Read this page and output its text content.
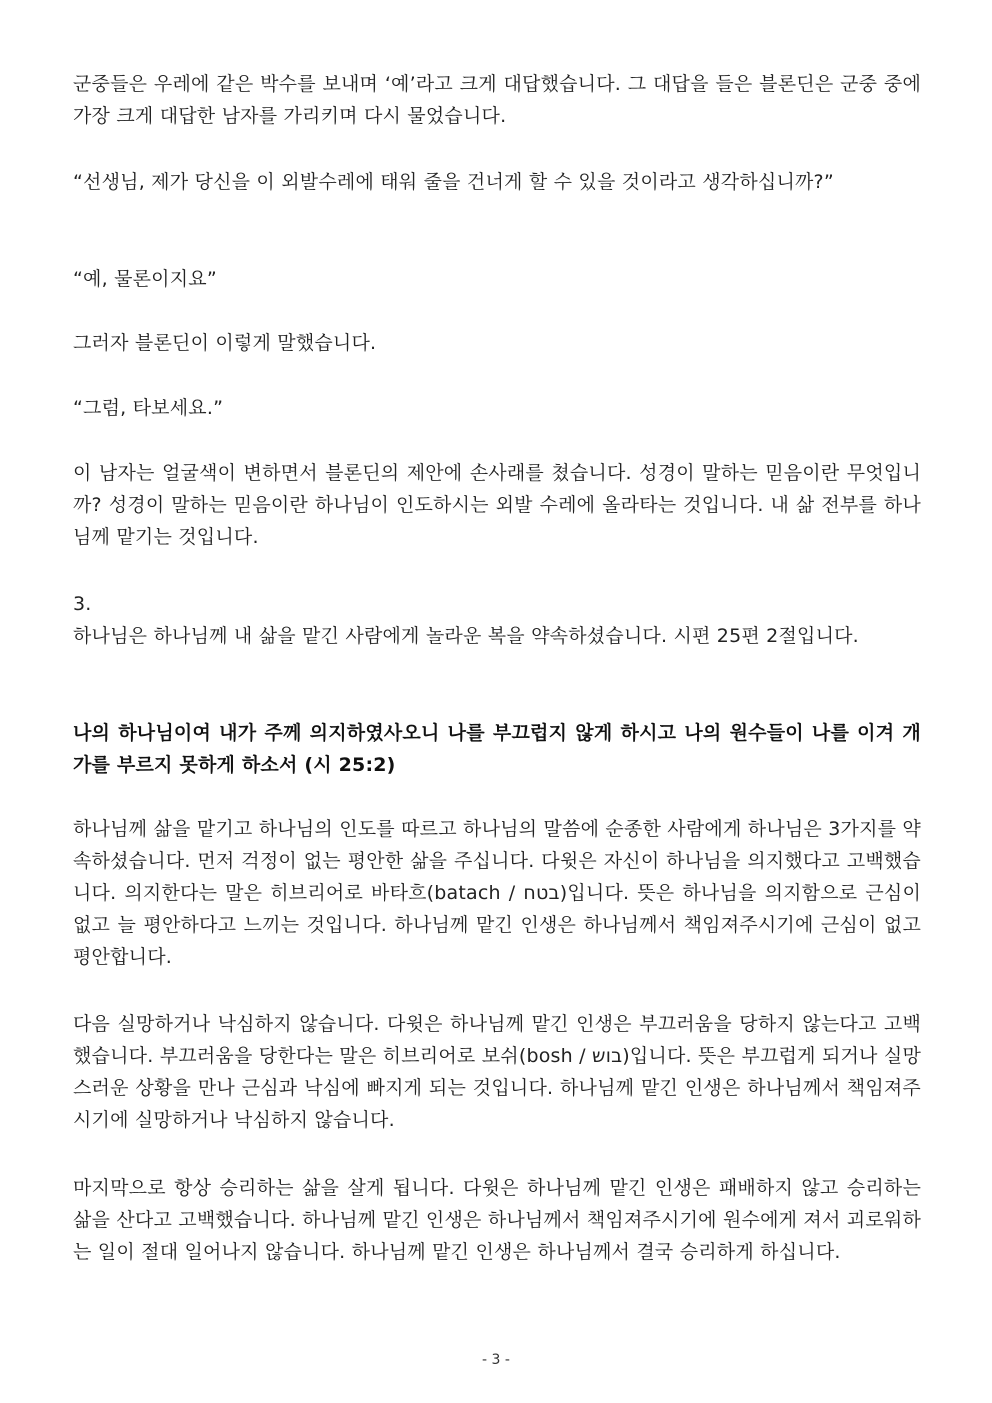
군중들은 우레에 같은 박수를 보내며 ‘예’라고 크게 대답했습니다. 그 대답을 들은 블론딘은 군중 중에 가장 크게 대답한 남자를 가리키며 다시 물었습니다.

“선생님, 제가 당신을 이 외발수레에 태워 줄을 건너게 할 수 있을 것이라고 생각하십니까?”

“예, 물론이지요”

그러자 블론딘이 이렇게 말했습니다.

“그럼, 타보세요.”

이 남자는 얼굴색이 변하면서 블론딘의 제안에 손사래를 쳤습니다. 성경이 말하는 믿음이란 무엇입니까? 성경이 말하는 믿음이란 하나님이 인도하시는 외발 수레에 올라타는 것입니다. 내 삶 전부를 하나님께 맡기는 것입니다.

3.

하나님은 하나님께 내 삶을 맡긴 사람에게 놀라운 복을 약속하셨습니다. 시편 25편 2절입니다.

나의 하나님이여 내가 주께 의지하였사오니 나를 부끄럽지 않게 하시고 나의 원수들이 나를 이겨 개가를 부르지 못하게 하소서 (시 25:2)

하나님께 삶을 맡기고 하나님의 인도를 따르고 하나님의 말씀에 순종한 사람에게 하나님은 3가지를 약속하셨습니다. 먼저 걱정이 없는 평안한 삶을 주십니다. 다윗은 자신이 하나님을 의지했다고 고백했습니다. 의지한다는 말은 히브리어로 바타흐(batach / בטח)입니다. 뜻은 하나님을 의지함으로 근심이 없고 늘 평안하다고 느끼는 것입니다. 하나님께 맡긴 인생은 하나님께서 책임져주시기에 근심이 없고 평안합니다.

다음 실망하거나 낙심하지 않습니다. 다윗은 하나님께 맡긴 인생은 부끄러움을 당하지 않는다고 고백했습니다. 부끄러움을 당한다는 말은 히브리어로 보쉬(bosh / בוש)입니다. 뜻은 부끄럽게 되거나 실망스러운 상황을 만나 근심과 낙심에 빠지게 되는 것입니다. 하나님께 맡긴 인생은 하나님께서 책임져주시기에 실망하거나 낙심하지 않습니다.

마지막으로 항상 승리하는 삶을 살게 됩니다. 다윗은 하나님께 맡긴 인생은 패배하지 않고 승리하는 삶을 산다고 고백했습니다. 하나님께 맡긴 인생은 하나님께서 책임져주시기에 원수에게 져서 괴로워하는 일이 절대 일어나지 않습니다. 하나님께 맡긴 인생은 하나님께서 결국 승리하게 하십니다.

- 3 -
